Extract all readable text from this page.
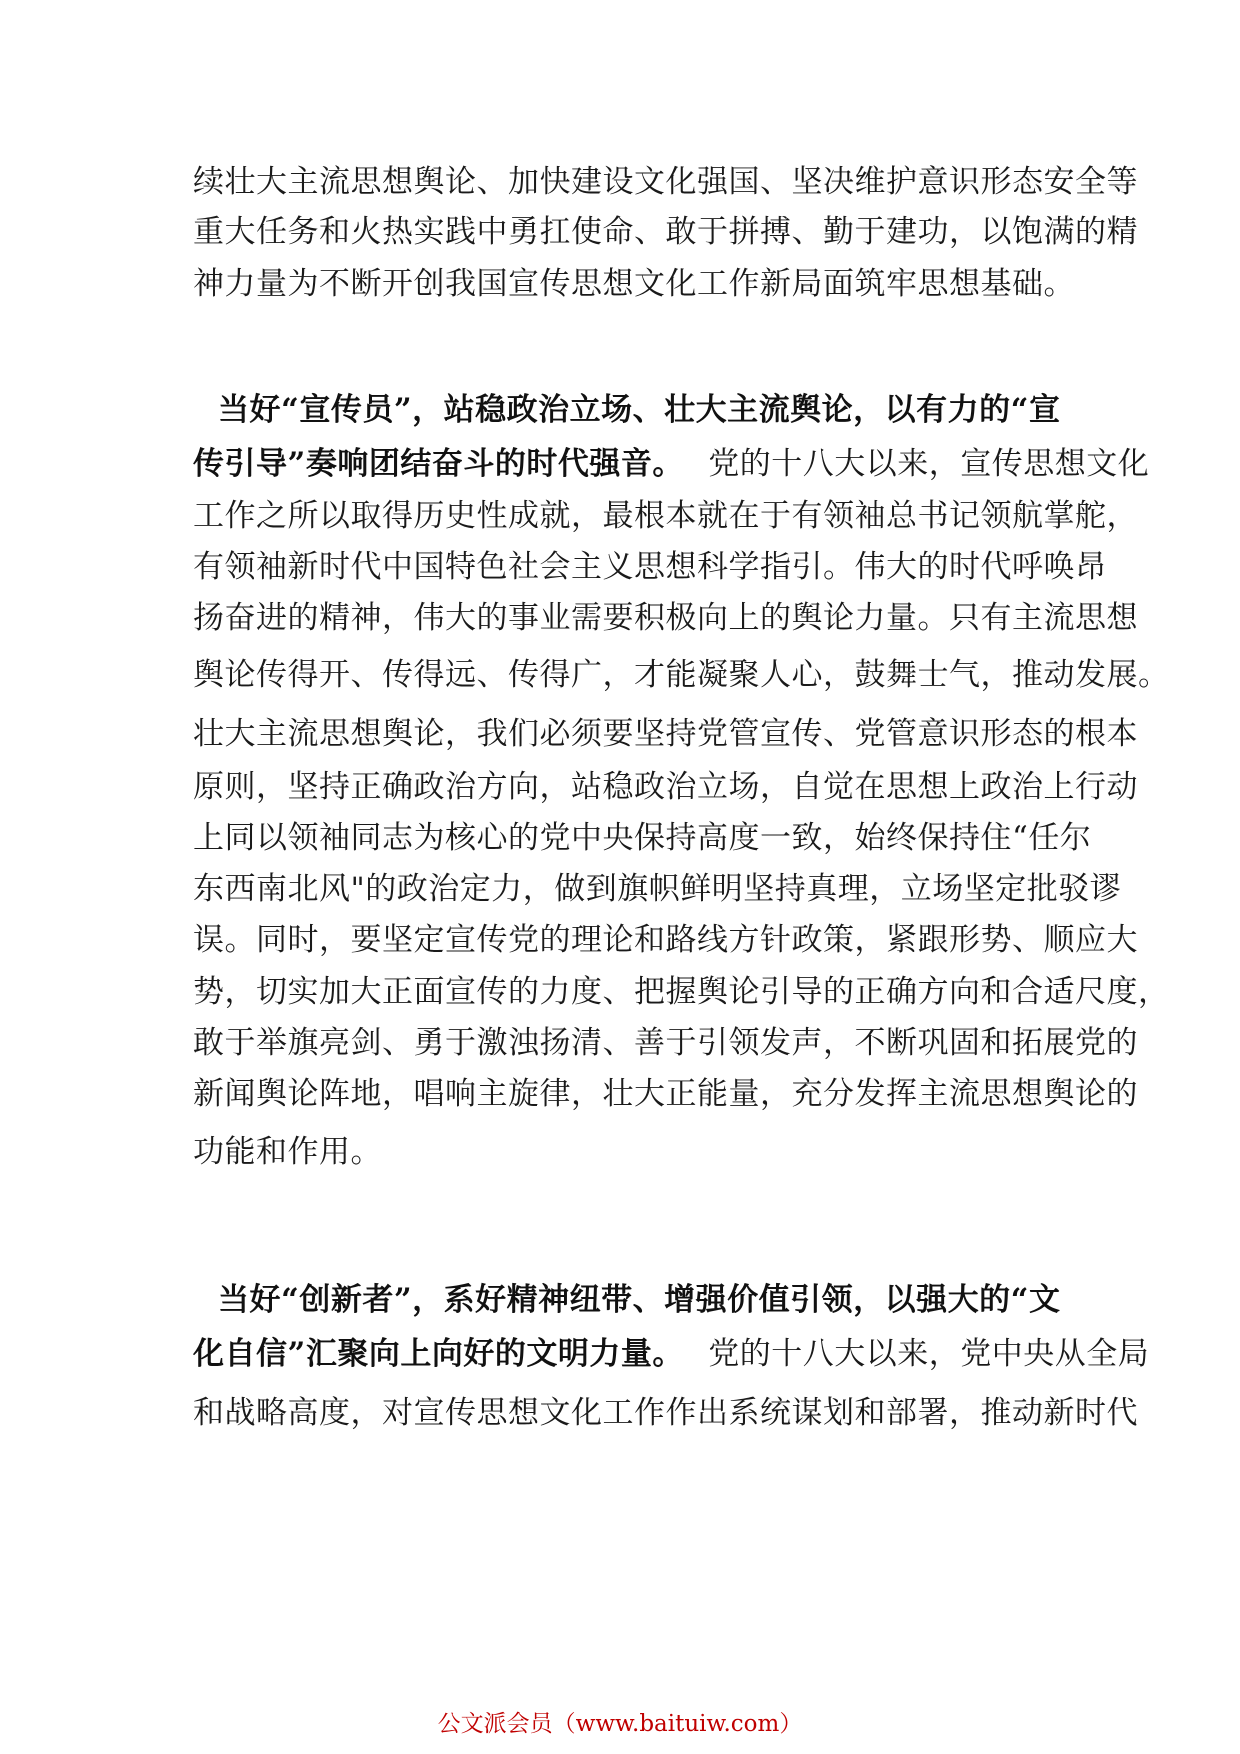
续壮大主流思想舆论、加快建设文化强国、坚决维护意识形态安全等
重大任务和火热实践中勇扛使命、敢于拼搏、勤于建功，以饱满的精
神力量为不断开创我国宣传思想文化工作新局面筑牢思想基础。
当好“宣传员”，站稳政治立场、壮大主流舆论，以有力的“宣
传引导”奏响团结奋斗的时代强音。 党的十八大以来，宣传思想文化
工作之所以取得历史性成就，最根本就在于有领袖总书记领航掌舵，
有领袖新时代中国特色社会主义思想科学指引。伟大的时代呼唤昂
扬奋进的精神，伟大的事业需要积极向上的舆论力量。只有主流思想
舆论传得开、传得远、传得广，才能凝聚人心，鼓舞士气，推动发展。
壮大主流思想舆论，我们必须要坚持党管宣传、党管意识形态的根本
原则，坚持正确政治方向，站稳政治立场，自觉在思想上政治上行动
上同以领袖同志为核心的党中央保持高度一致，始终保持住“任尔
东西南北风"的政治定力，做到旗帜鲜明坚持真理，立场坚定批驳谬
误。同时，要坚定宣传党的理论和路线方针政策，紧跟形势、顺应大
势，切实加大正面宣传的力度、把握舆论引导的正确方向和合适尺度，
敢于举旗亮剑、勇于激浊扬清、善于引领发声，不断巩固和拓展党的
新闻舆论阵地，唱响主旋律，壮大正能量，充分发挥主流思想舆论的
功能和作用。
当好“创新者”，系好精神纽带、增强价值引领，以强大的“文
化自信”汇聚向上向好的文明力量。 党的十八大以来，党中央从全局
和战略高度，对宣传思想文化工作作出系统谋划和部署，推动新时代
公文派会员（www.baituiw.com）
